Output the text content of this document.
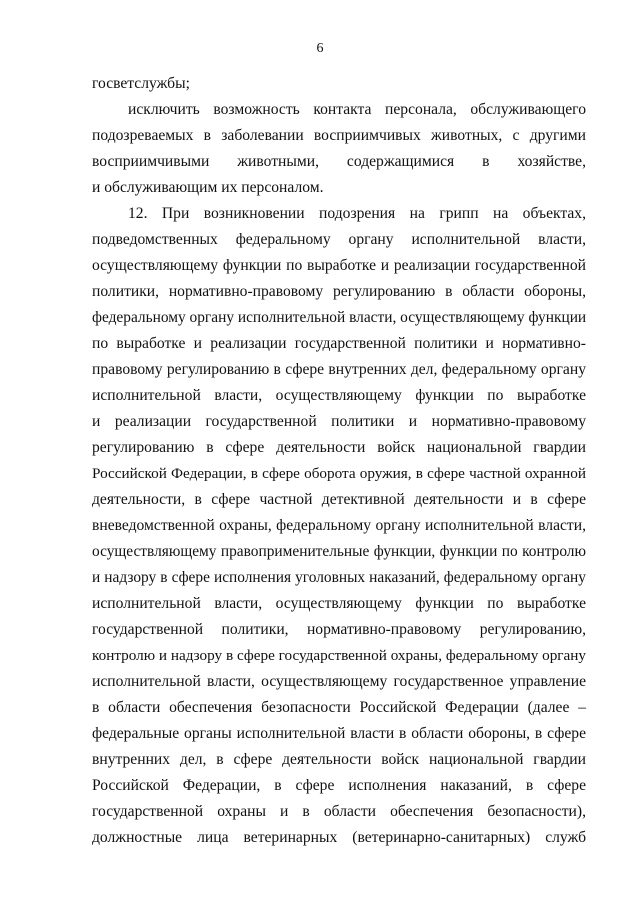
6
госветслужбы;
исключить возможность контакта персонала, обслуживающего
подозреваемых в заболевании восприимчивых животных, с другими
восприимчивыми животными, содержащимися в хозяйстве,
и обслуживающим их персоналом.
12. При возникновении подозрения на грипп на объектах,
подведомственных федеральному органу исполнительной власти,
осуществляющему функции по выработке и реализации государственной
политики, нормативно-правовому регулированию в области обороны,
федеральному органу исполнительной власти, осуществляющему функции
по выработке и реализации государственной политики и нормативно-
правовому регулированию в сфере внутренних дел, федеральному органу
исполнительной власти, осуществляющему функции по выработке
и реализации государственной политики и нормативно-правовому
регулированию в сфере деятельности войск национальной гвардии
Российской Федерации, в сфере оборота оружия, в сфере частной охранной
деятельности, в сфере частной детективной деятельности и в сфере
вневедомственной охраны, федеральному органу исполнительной власти,
осуществляющему правоприменительные функции, функции по контролю
и надзору в сфере исполнения уголовных наказаний, федеральному органу
исполнительной власти, осуществляющему функции по выработке
государственной политики, нормативно-правовому регулированию,
контролю и надзору в сфере государственной охраны, федеральному органу
исполнительной власти, осуществляющему государственное управление
в области обеспечения безопасности Российской Федерации (далее –
федеральные органы исполнительной власти в области обороны, в сфере
внутренних дел, в сфере деятельности войск национальной гвардии
Российской Федерации, в сфере исполнения наказаний, в сфере
государственной охраны и в области обеспечения безопасности),
должностные лица ветеринарных (ветеринарно-санитарных) служб
